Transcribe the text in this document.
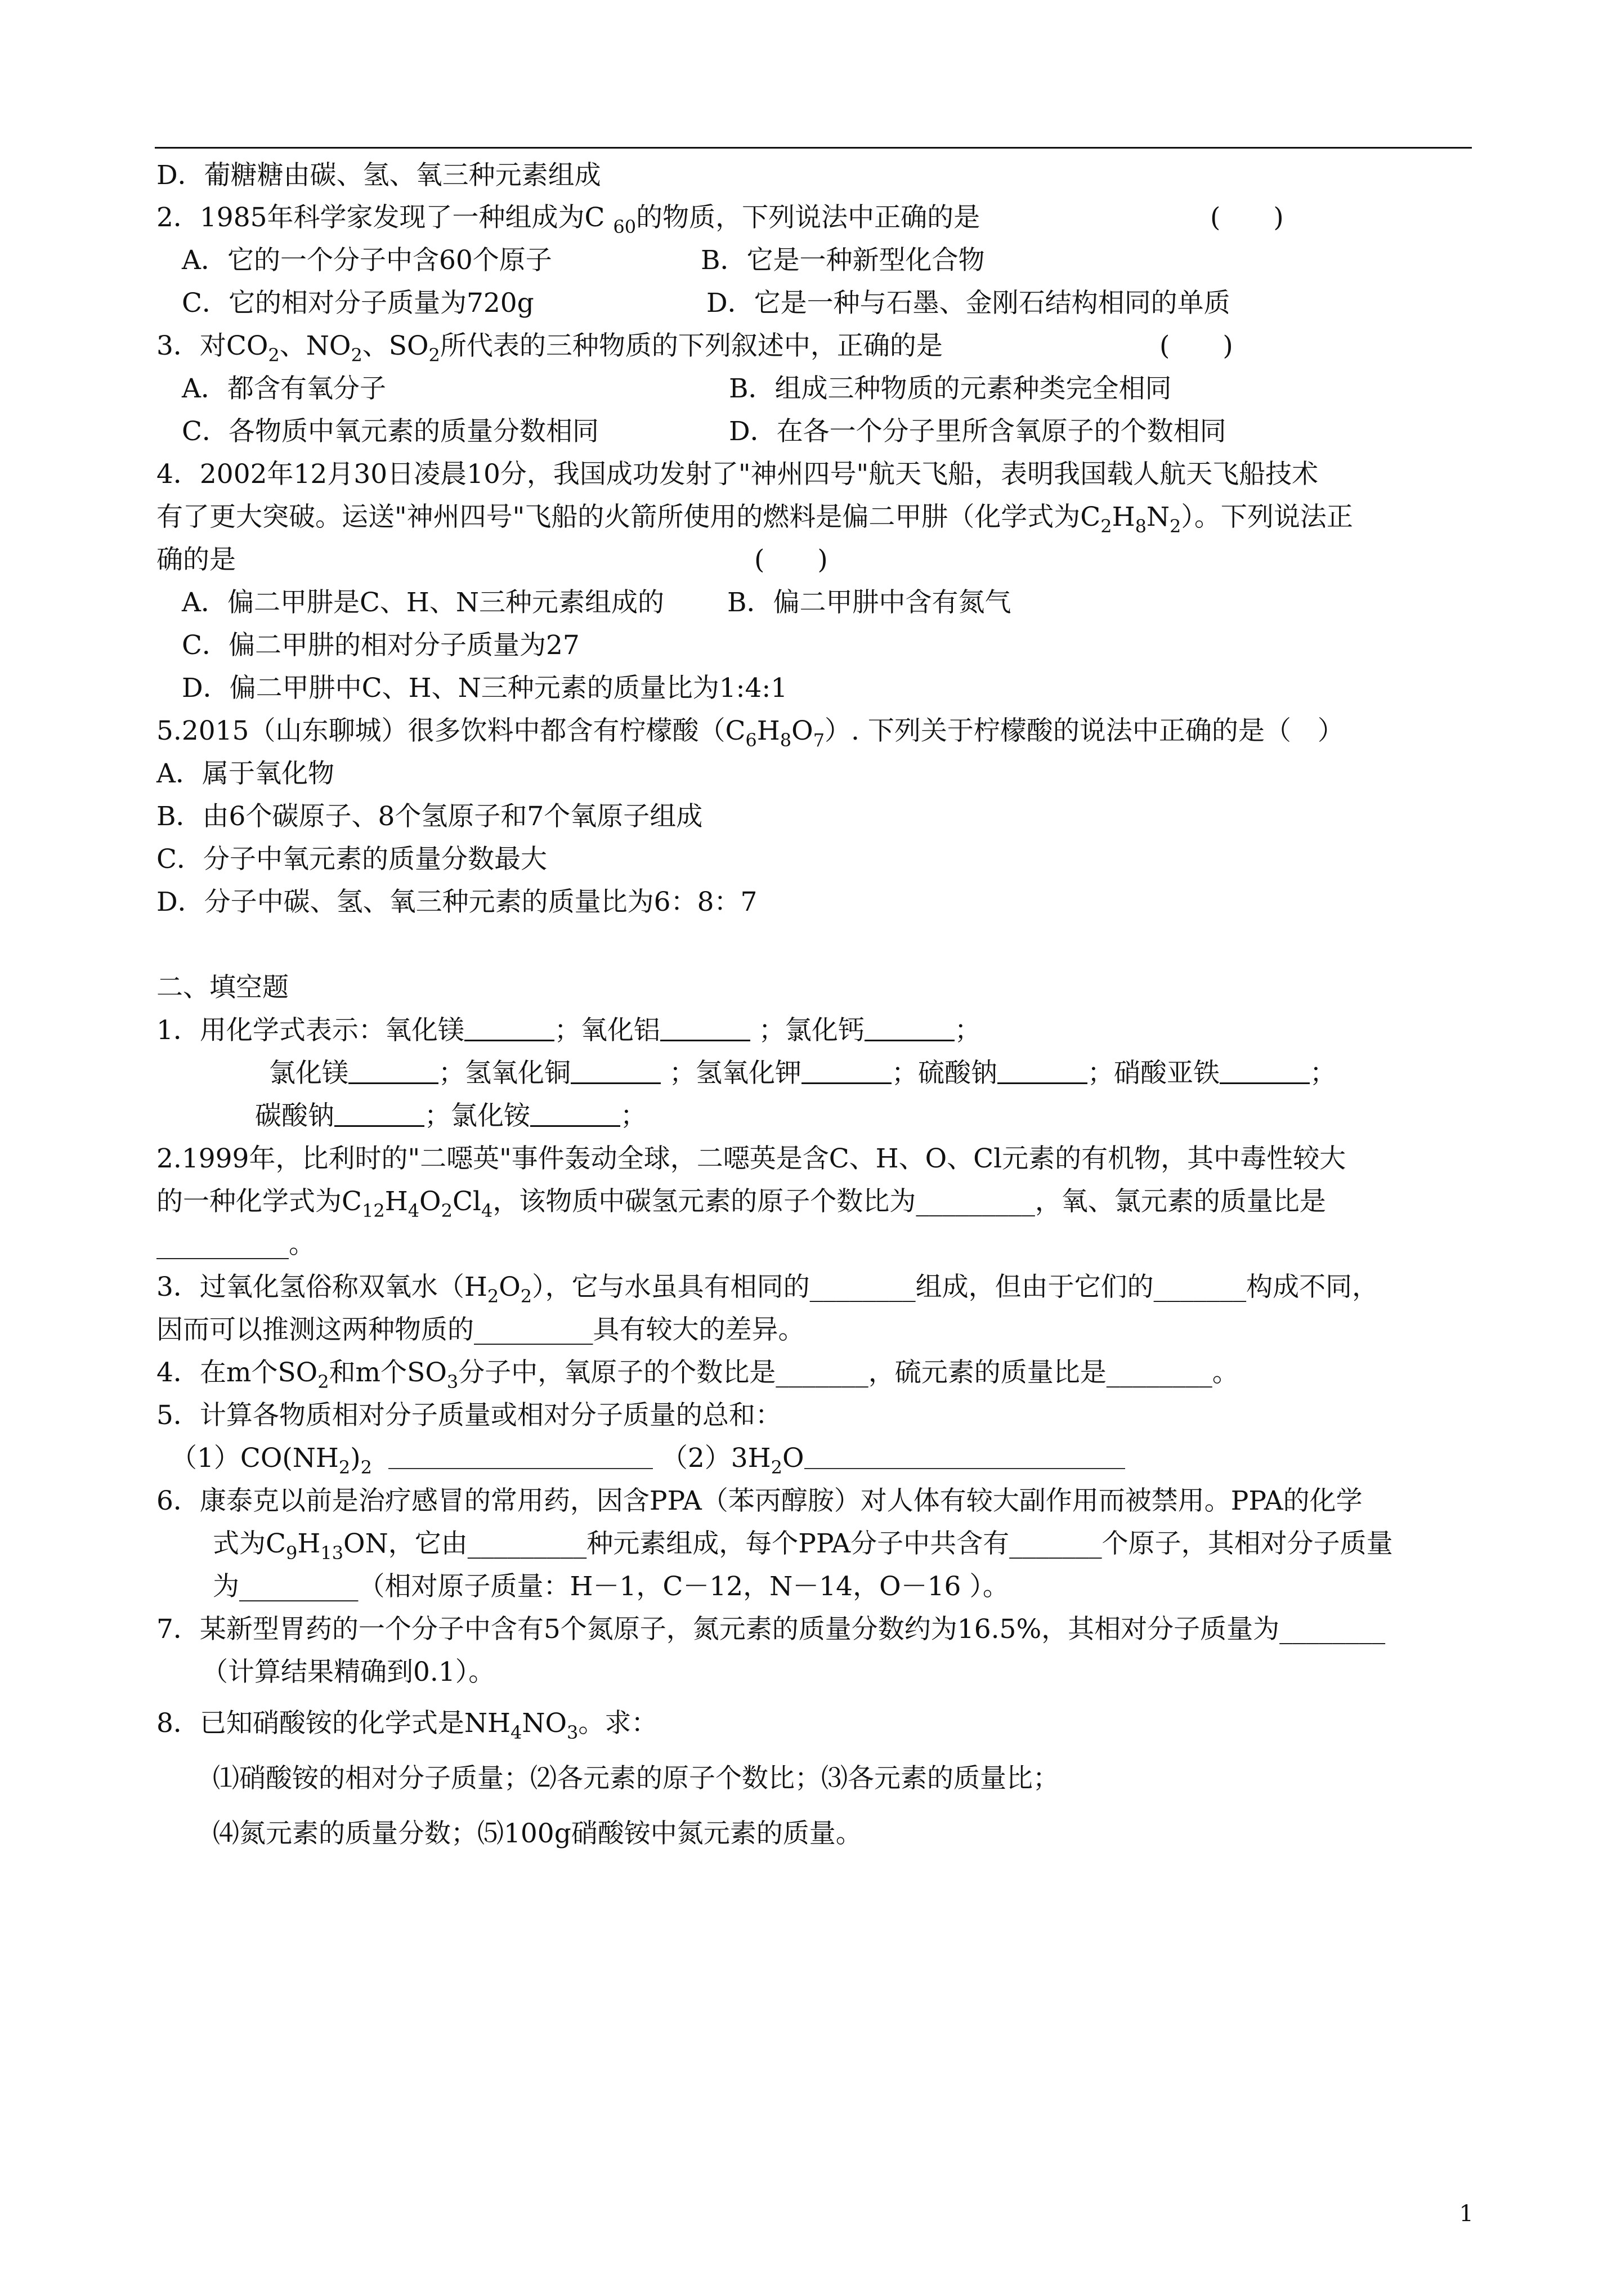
D．葡糖糖由碳、氢、氧三种元素组成
2．1985年科学家发现了一种组成为C $_{60}$的物质，下列说法中正确的是	(　　)
A．它的一个分子中含60个原子	B．它是一种新型化合物
C．它的相对分子质量为720g	D．它是一种与石墨、金刚石结构相同的单质
3．对$CO_2$、$NO_2$、$SO_2$所代表的三种物质的下列叙述中，正确的是	(　　)
A．都含有氧分子	B．组成三种物质的元素种类完全相同
C．各物质中氧元素的质量分数相同	D．在各一个分子里所含氧原子的个数相同
4．2002年12月30日凌晨10分，我国成功发射了"神州四号"航天飞船，表明我国载人航天飞船技术
有了更大突破。运送"神州四号"飞船的火箭所使用的燃料是偏二甲肼（化学式为$C_2H_8N_2$）。下列说法正
确的是	(　　)
A．偏二甲肼是C、H、N三种元素组成的 B．偏二甲肼中含有氮气
C．偏二甲肼的相对分子质量为27
D．偏二甲肼中C、H、N三种元素的质量比为1:4:1
5.2015（山东聊城）很多饮料中都含有柠檬酸$(C_6H_8O_7)$. 下列关于柠檬酸的说法中正确的是（　）
A．属于氧化物
B．由6个碳原子、8个氢原子和7个氧原子组成
C．分子中氧元素的质量分数最大
D．分子中碳、氢、氧三种元素的质量比为6：8：7
二、填空题
1．用化学式表示：氧化镁	；氧化铝	；氯化钙	；
氯化镁	；氢氧化铜	；氢氧化钾	；硫酸钠	；硝酸亚铁	；
碳酸钠	；氯化铵	；
2.1999年，比利时的"二噁英"事件轰动全球，二噁英是含C、H、O、Cl元素的有机物，其中毒性较大
的一种化学式为$C_{12}H_4O_2Cl_4$，该物质中碳氢元素的原子个数比为_________，氧、氯元素的质量比是
__________。
3．过氧化氢俗称双氧水$(H_2O_2)$，它与水虽具有相同的________组成，但由于它们的_______构成不同，
因而可以推测这两种物质的_________具有较大的差异。
4．在m个$SO_2$和m个$SO_3$分子中，氧原子的个数比是_______，硫元素的质量比是________。
5．计算各物质相对分子质量或相对分子质量的总和：
$(1)CO(NH_2)_2$	$(2)3H_2O$
6．康泰克以前是治疗感冒的常用药，因含PPA（苯丙醇胺）对人体有较大副作用而被禁用。PPA的化学
式为$C_9H_{13}ON$，它由_________种元素组成，每个PPA分子中共含有_______个原子，其相对分子质量
为_________（相对原子质量：H－1，C－12，N－14，O－16 ）。
7．某新型胃药的一个分子中含有5个氮原子，氮元素的质量分数约为16.5%，其相对分子质量为________
（计算结果精确到0.1）。
8．已知硝酸铵的化学式是$NH_4NO_3$。求：
⑴硝酸铵的相对分子质量；⑵各元素的原子个数比；⑶各元素的质量比；
⑷氮元素的质量分数；⑸100g硝酸铵中氮元素的质量。
1
